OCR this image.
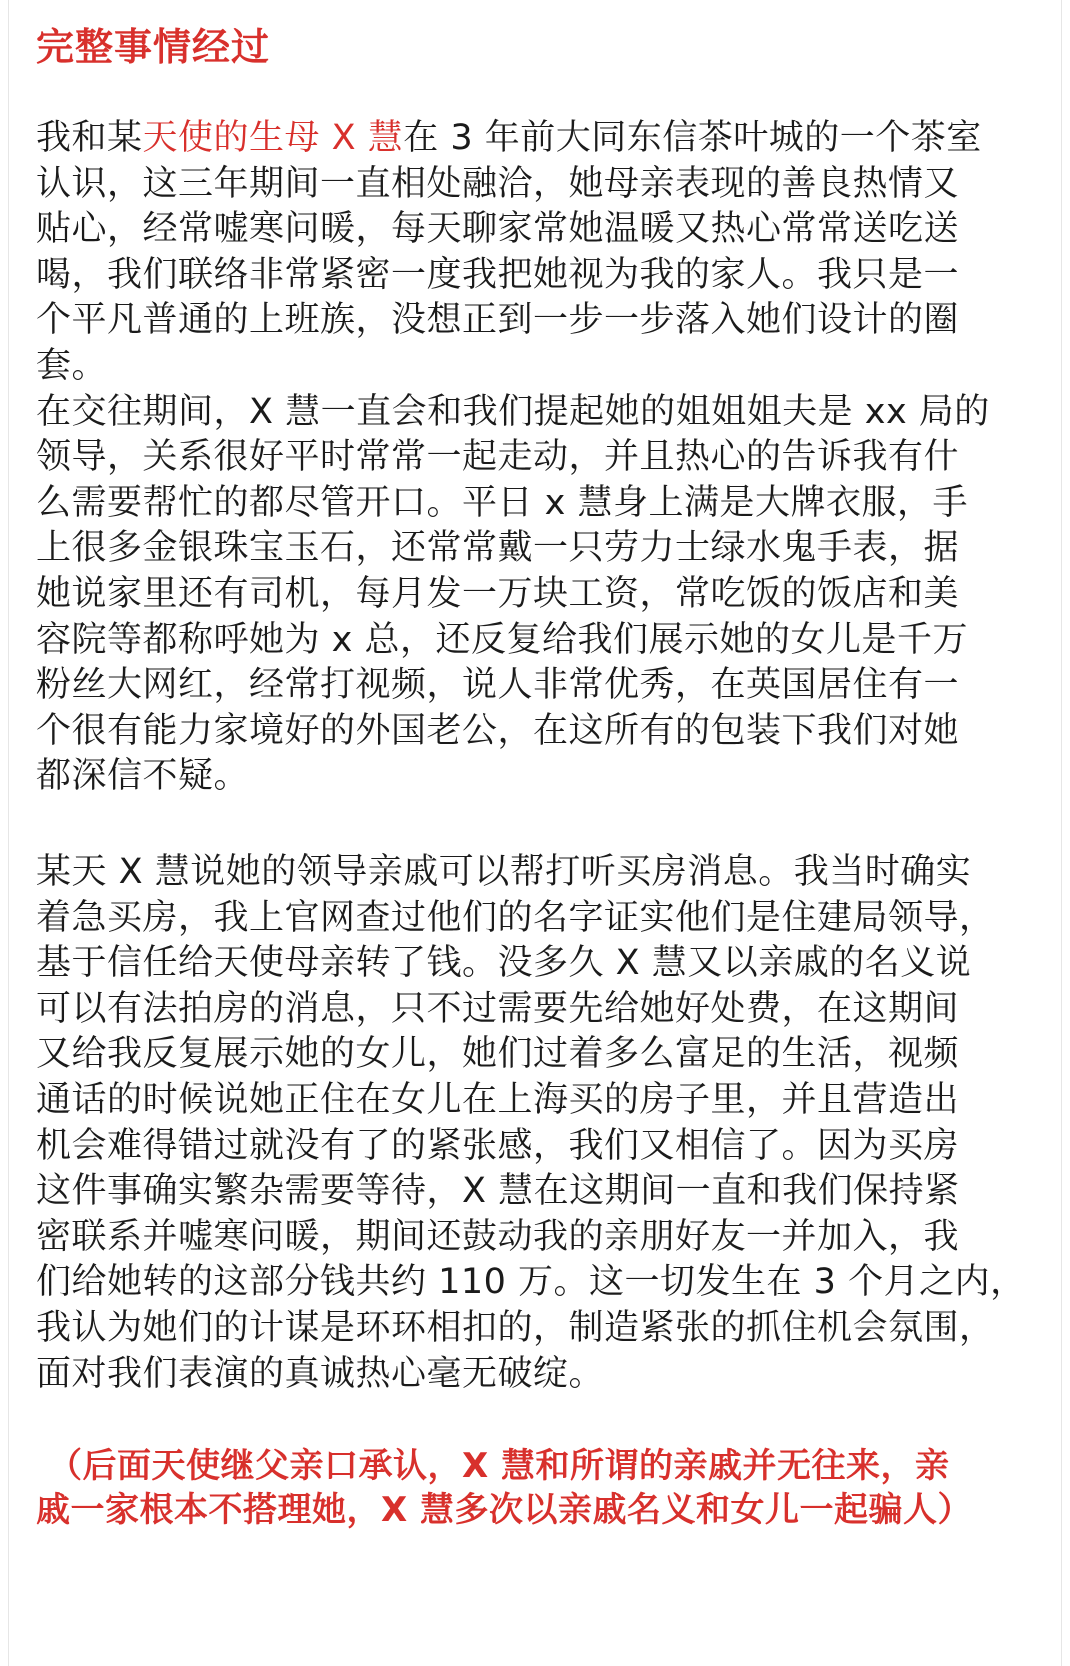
完整事情经过
我和某天使的生母 X 慧在 3 年前大同东信茶叶城的一个茶室
认识，这三年期间一直相处融洽，她母亲表现的善良热情又
贴心，经常嘘寒问暖，每天聊家常她温暖又热心常常送吃送
喝，我们联络非常紧密一度我把她视为我的家人。我只是一
个平凡普通的上班族，没想正到一步一步落入她们设计的圈
套。
在交往期间，X 慧一直会和我们提起她的姐姐姐夫是 xx 局的
领导，关系很好平时常常一起走动，并且热心的告诉我有什
么需要帮忙的都尽管开口。平日 x 慧身上满是大牌衣服，手
上很多金银珠宝玉石，还常常戴一只劳力士绿水鬼手表，据
她说家里还有司机，每月发一万块工资，常吃饭的饭店和美
容院等都称呼她为 x 总，还反复给我们展示她的女儿是千万
粉丝大网红，经常打视频，说人非常优秀，在英国居住有一
个很有能力家境好的外国老公，在这所有的包装下我们对她
都深信不疑。
某天 X 慧说她的领导亲戚可以帮打听买房消息。我当时确实
着急买房，我上官网查过他们的名字证实他们是住建局领导，
基于信任给天使母亲转了钱。没多久 X 慧又以亲戚的名义说
可以有法拍房的消息，只不过需要先给她好处费，在这期间
又给我反复展示她的女儿，她们过着多么富足的生活，视频
通话的时候说她正住在女儿在上海买的房子里，并且营造出
机会难得错过就没有了的紧张感，我们又相信了。因为买房
这件事确实繁杂需要等待，X 慧在这期间一直和我们保持紧
密联系并嘘寒问暖，期间还鼓动我的亲朋好友一并加入，我
们给她转的这部分钱共约 110 万。这一切发生在 3 个月之内，
我认为她们的计谋是环环相扣的，制造紧张的抓住机会氛围，
面对我们表演的真诚热心毫无破绽。
（后面天使继父亲口承认，X 慧和所谓的亲戚并无往来，亲
戚一家根本不搭理她，X 慧多次以亲戚名义和女儿一起骗人）
